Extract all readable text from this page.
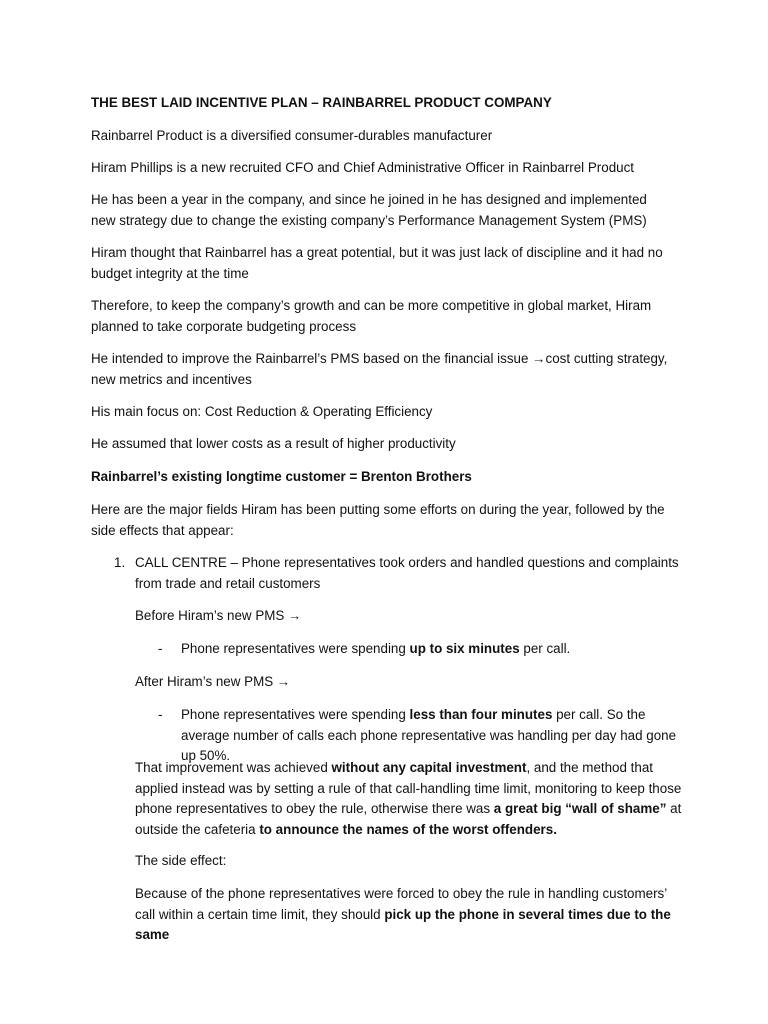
THE BEST LAID INCENTIVE PLAN – RAINBARREL PRODUCT COMPANY

Rainbarrel Product is a diversified consumer-durables manufacturer

Hiram Phillips is a new recruited CFO and Chief Administrative Officer in Rainbarrel Product

He has been a year in the company, and since he joined in he has designed and implemented new strategy due to change the existing company’s Performance Management System (PMS)

Hiram thought that Rainbarrel has a great potential, but it was just lack of discipline and it had no budget integrity at the time

Therefore, to keep the company’s growth and can be more competitive in global market, Hiram planned to take corporate budgeting process

He intended to improve the Rainbarrel’s PMS based on the financial issue →cost cutting strategy, new metrics and incentives

His main focus on: Cost Reduction & Operating Efficiency

He assumed that lower costs as a result of higher productivity

Rainbarrel’s existing longtime customer = Brenton Brothers

Here are the major fields Hiram has been putting some efforts on during the year, followed by the side effects that appear:

1. CALL CENTRE – Phone representatives took orders and handled questions and complaints from trade and retail customers

Before Hiram’s new PMS →

- Phone representatives were spending up to six minutes per call.

After Hiram’s new PMS →

- Phone representatives were spending less than four minutes per call. So the average number of calls each phone representative was handling per day had gone up 50%.

That improvement was achieved without any capital investment, and the method that applied instead was by setting a rule of that call-handling time limit, monitoring to keep those phone representatives to obey the rule, otherwise there was a great big “wall of shame” at outside the cafeteria to announce the names of the worst offenders.

The side effect:

Because of the phone representatives were forced to obey the rule in handling customers’ call within a certain time limit, they should pick up the phone in several times due to the same
